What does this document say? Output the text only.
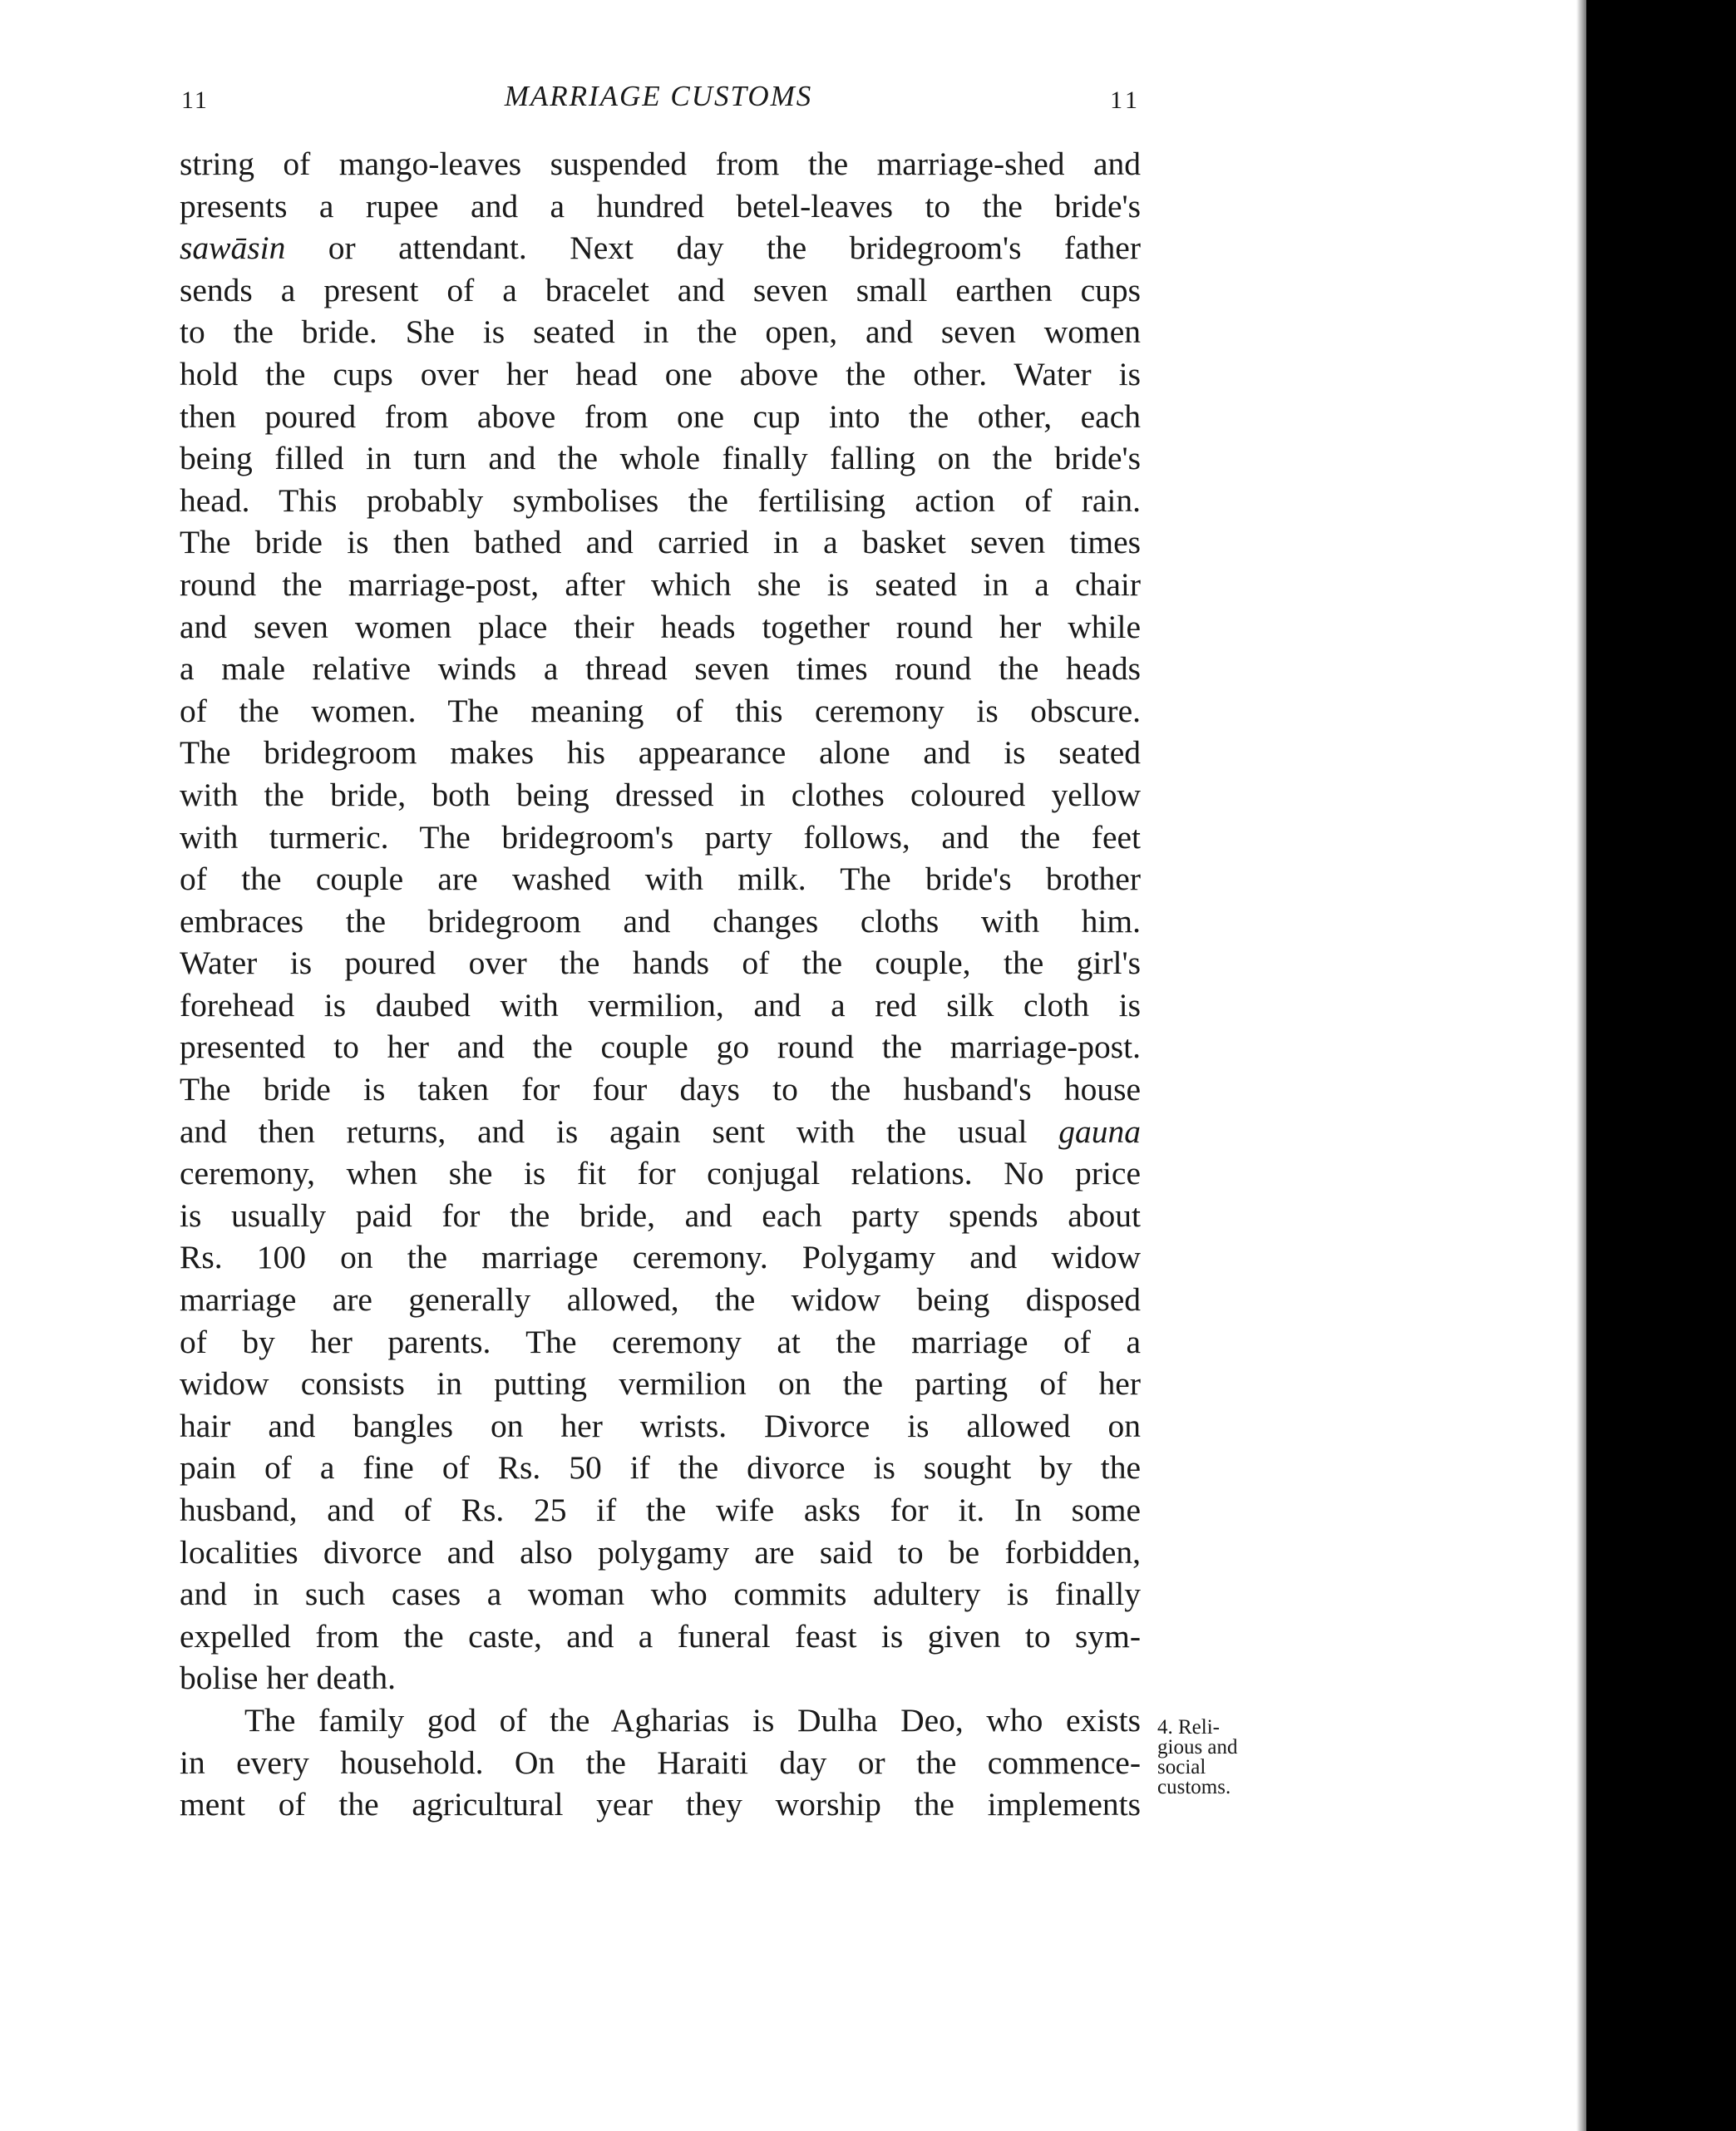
11	MARRIAGE CUSTOMS	11
string of mango-leaves suspended from the marriage-shed and
presents a rupee and a hundred betel-leaves to the bride's
sawāsin or attendant. Next day the bridegroom's father
sends a present of a bracelet and seven small earthen cups
to the bride. She is seated in the open, and seven women
hold the cups over her head one above the other. Water is
then poured from above from one cup into the other, each
being filled in turn and the whole finally falling on the bride's
head. This probably symbolises the fertilising action of rain.
The bride is then bathed and carried in a basket seven times
round the marriage-post, after which she is seated in a chair
and seven women place their heads together round her while
a male relative winds a thread seven times round the heads
of the women. The meaning of this ceremony is obscure.
The bridegroom makes his appearance alone and is seated
with the bride, both being dressed in clothes coloured yellow
with turmeric. The bridegroom's party follows, and the feet
of the couple are washed with milk. The bride's brother
embraces the bridegroom and changes cloths with him.
Water is poured over the hands of the couple, the girl's
forehead is daubed with vermilion, and a red silk cloth is
presented to her and the couple go round the marriage-post.
The bride is taken for four days to the husband's house
and then returns, and is again sent with the usual gauna
ceremony, when she is fit for conjugal relations. No price
is usually paid for the bride, and each party spends about
Rs. 100 on the marriage ceremony. Polygamy and widow
marriage are generally allowed, the widow being disposed
of by her parents. The ceremony at the marriage of a
widow consists in putting vermilion on the parting of her
hair and bangles on her wrists. Divorce is allowed on
pain of a fine of Rs. 50 if the divorce is sought by the
husband, and of Rs. 25 if the wife asks for it. In some
localities divorce and also polygamy are said to be forbidden,
and in such cases a woman who commits adultery is finally
expelled from the caste, and a funeral feast is given to sym-
bolise her death.
The family god of the Agharias is Dulha Deo, who exists
in every household. On the Haraiti day or the commence-
ment of the agricultural year they worship the implements
4. Reli-
gious and
social
customs.
